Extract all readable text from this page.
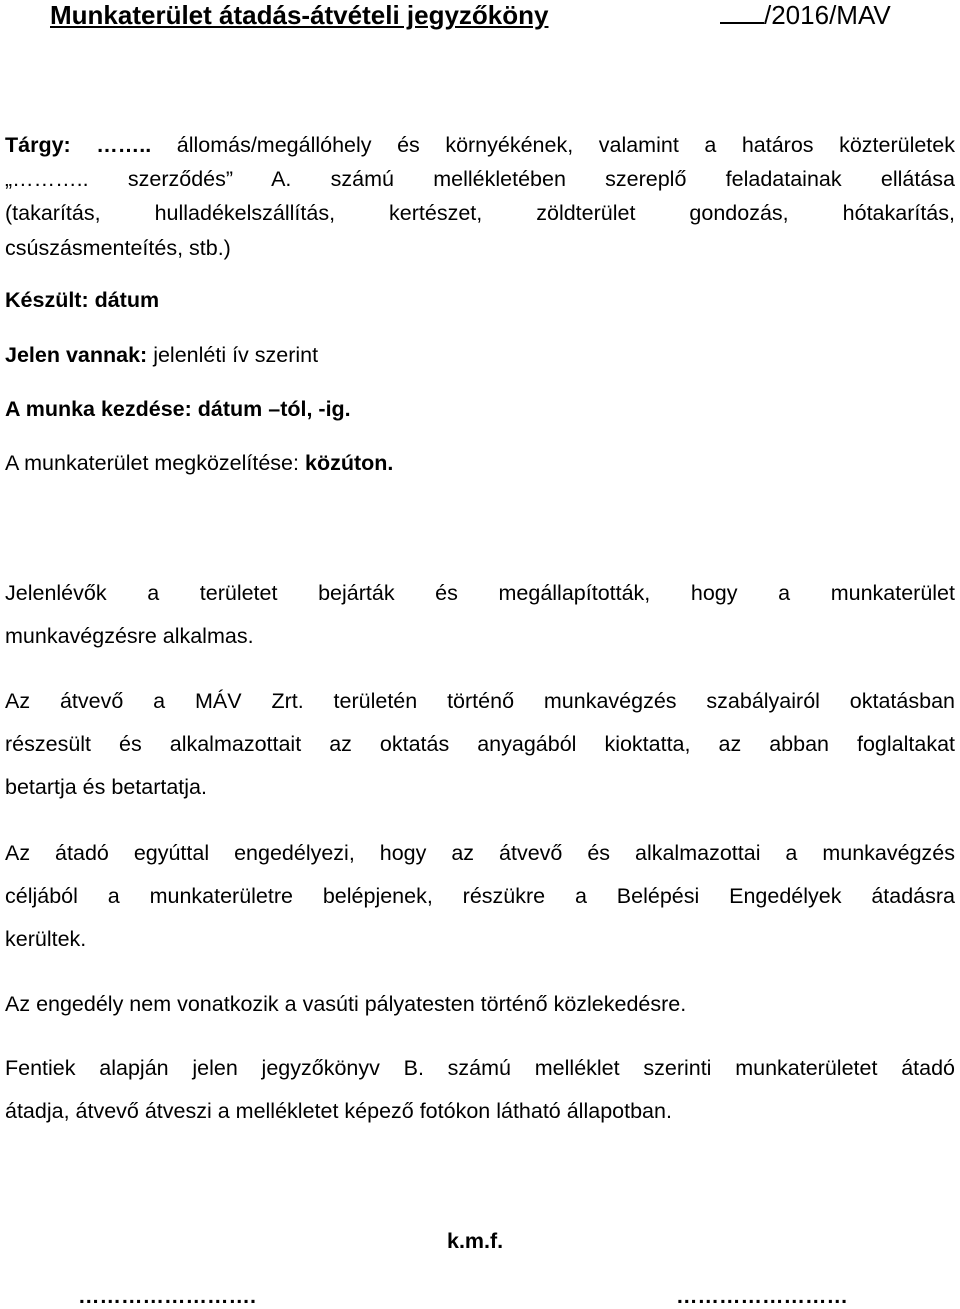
Munkaterület átadás-átvételi jegyzőköny	/2016/MAV
Tárgy: …….. állomás/megállóhely és környékének, valamint a határos közterületek
„……….. szerződés” A. számú mellékletében szereplő feladatainak ellátása
(takarítás, hulladékelszállítás, kertészet, zöldterület gondozás, hótakarítás,
csúszásmenteítés, stb.)
Készült: dátum
Jelen vannak: jelenléti ív szerint
A munka kezdése: dátum –tól, -ig.
A munkaterület megközelítése: közúton.
Jelenlévők a területet bejárták és megállapították, hogy a munkaterület
munkavégzésre alkalmas.
Az átvevő a MÁV Zrt. területén történő munkavégzés szabályairól oktatásban
részesült és alkalmazottait az oktatás anyagából kioktatta, az abban foglaltakat
betartja és betartatja.
Az átadó egyúttal engedélyezi, hogy az átvevő és alkalmazottai a munkavégzés
céljából a munkaterületre belépjenek, részükre a Belépési Engedélyek átadásra
kerültek.
Az engedély nem vonatkozik a vasúti pályatesten történő közlekedésre.
Fentiek alapján jelen jegyzőkönyv B. számú melléklet szerinti munkaterületet átadó
átadja, átvevő átveszi a mellékletet képező fotókon látható állapotban.
k.m.f.
…………………….	……………………
